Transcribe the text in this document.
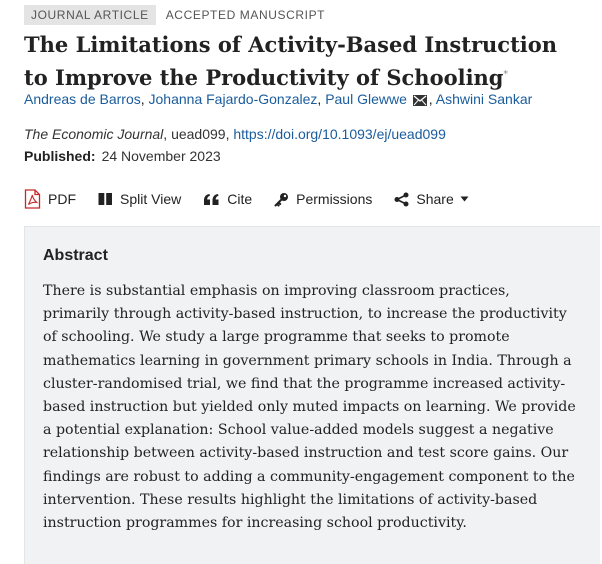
JOURNAL ARTICLE	ACCEPTED MANUSCRIPT
The Limitations of Activity-Based Instruction to Improve the Productivity of Schooling*
Andreas de Barros, Johanna Fajardo-Gonzalez, Paul Glewwe , Ashwini Sankar
The Economic Journal, uead099, https://doi.org/10.1093/ej/uead099
Published: 24 November 2023
PDF	Split View	Cite	Permissions	Share
Abstract

There is substantial emphasis on improving classroom practices, primarily through activity-based instruction, to increase the productivity of schooling. We study a large programme that seeks to promote mathematics learning in government primary schools in India. Through a cluster-randomised trial, we find that the programme increased activity-based instruction but yielded only muted impacts on learning. We provide a potential explanation: School value-added models suggest a negative relationship between activity-based instruction and test score gains. Our findings are robust to adding a community-engagement component to the intervention. These results highlight the limitations of activity-based instruction programmes for increasing school productivity.
